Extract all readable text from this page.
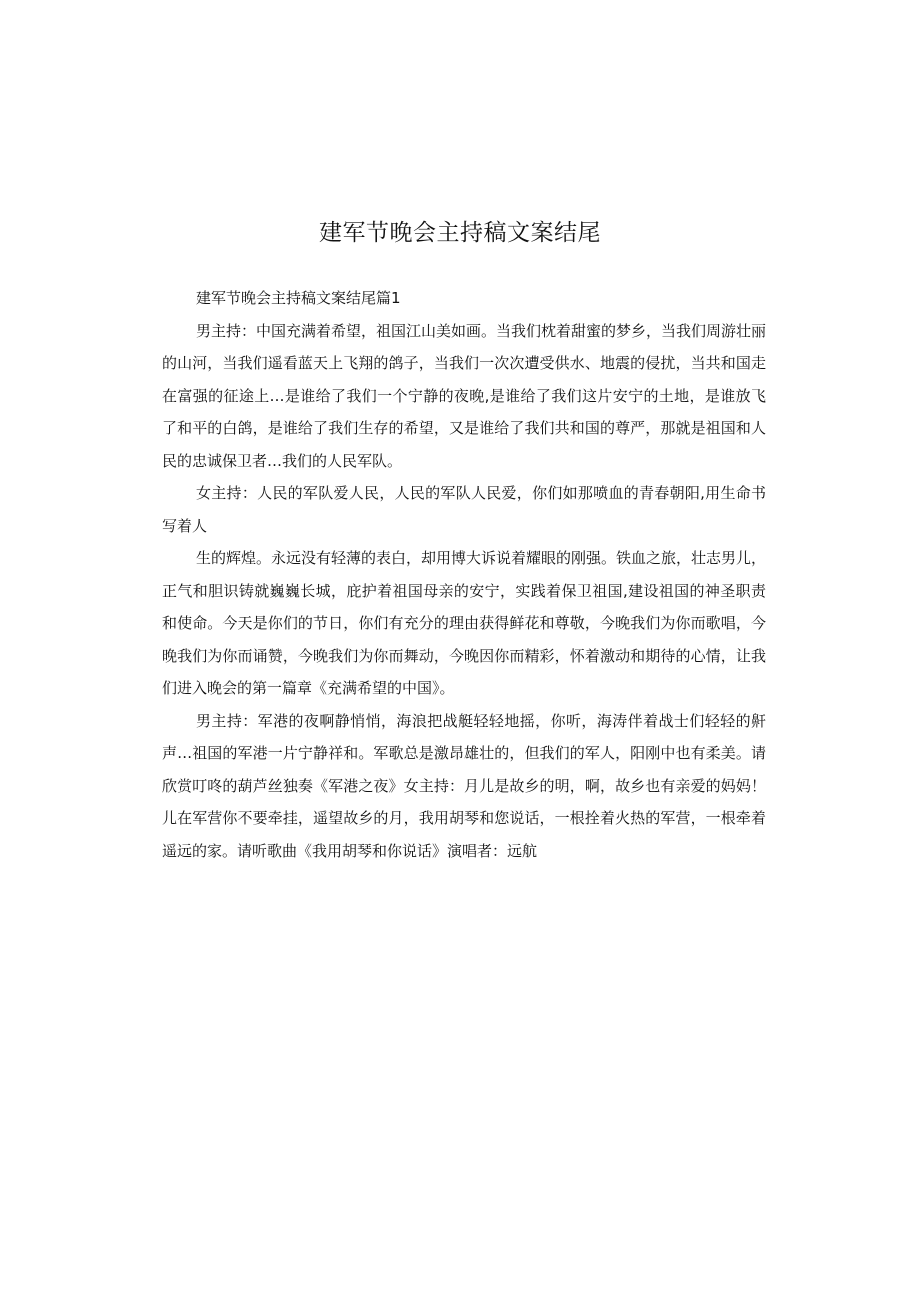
建军节晚会主持稿文案结尾

建军节晚会主持稿文案结尾篇1

男主持：中国充满着希望，祖国江山美如画。当我们枕着甜蜜的梦乡，当我们周游壮丽的山河，当我们遥看蓝天上飞翔的鸽子，当我们一次次遭受供水、地震的侵扰，当共和国走在富强的征途上…是谁给了我们一个宁静的夜晚,是谁给了我们这片安宁的土地，是谁放飞了和平的白鸽，是谁给了我们生存的希望，又是谁给了我们共和国的尊严，那就是祖国和人民的忠诚保卫者…我们的人民军队。

女主持：人民的军队爱人民，人民的军队人民爱，你们如那喷血的青春朝阳,用生命书写着人

生的辉煌。永远没有轻薄的表白，却用博大诉说着耀眼的刚强。铁血之旅，壮志男儿，正气和胆识铸就巍巍长城，庇护着祖国母亲的安宁，实践着保卫祖国,建设祖国的神圣职责和使命。今天是你们的节日，你们有充分的理由获得鲜花和尊敬，今晚我们为你而歌唱，今晚我们为你而诵赞，今晚我们为你而舞动，今晚因你而精彩，怀着激动和期待的心情，让我们进入晚会的第一篇章《充满希望的中国》。

男主持：军港的夜啊静悄悄，海浪把战艇轻轻地摇，你听，海涛伴着战士们轻轻的鼾声…祖国的军港一片宁静祥和。军歌总是激昂雄壮的，但我们的军人，阳刚中也有柔美。请欣赏叮咚的葫芦丝独奏《军港之夜》女主持：月儿是故乡的明，啊，故乡也有亲爱的妈妈！儿在军营你不要牵挂，遥望故乡的月，我用胡琴和您说话，一根拴着火热的军营，一根牵着遥远的家。请听歌曲《我用胡琴和你说话》演唱者：远航
